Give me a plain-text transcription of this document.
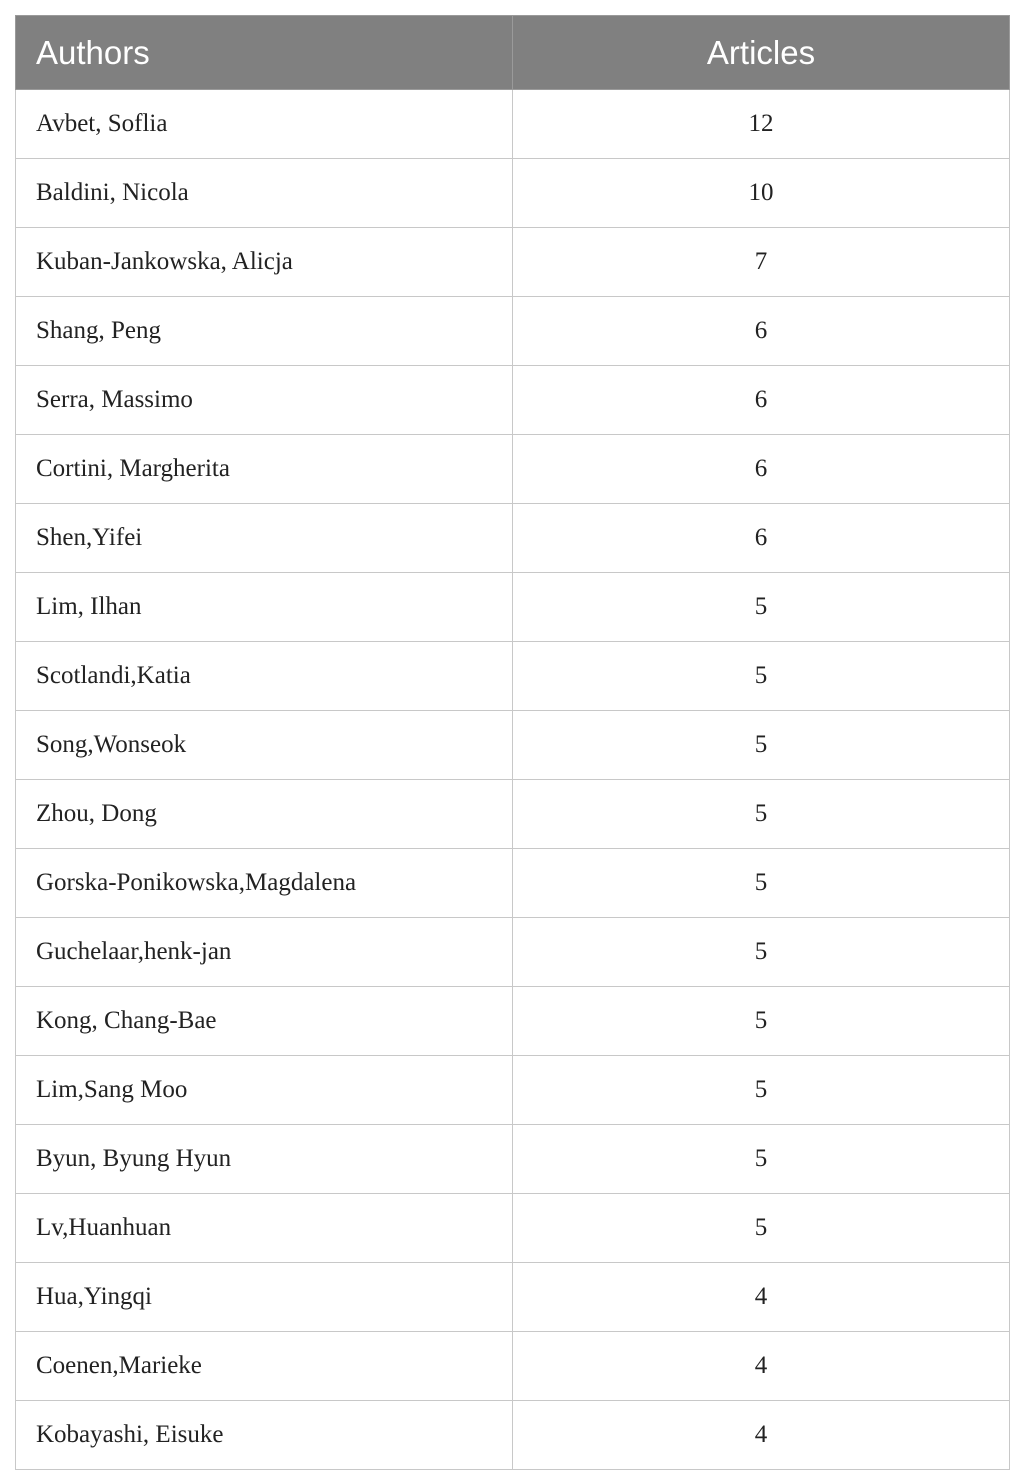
Authors	Articles
Avbet, Soflia	12
Baldini, Nicola	10
Kuban-Jankowska, Alicja	7
Shang, Peng	6
Serra, Massimo	6
Cortini, Margherita	6
Shen,Yifei	6
Lim, Ilhan	5
Scotlandi,Katia	5
Song,Wonseok	5
Zhou, Dong	5
Gorska-Ponikowska,Magdalena	5
Guchelaar,henk-jan	5
Kong, Chang-Bae	5
Lim,Sang Moo	5
Byun, Byung Hyun	5
Lv,Huanhuan	5
Hua,Yingqi	4
Coenen,Marieke	4
Kobayashi, Eisuke	4
